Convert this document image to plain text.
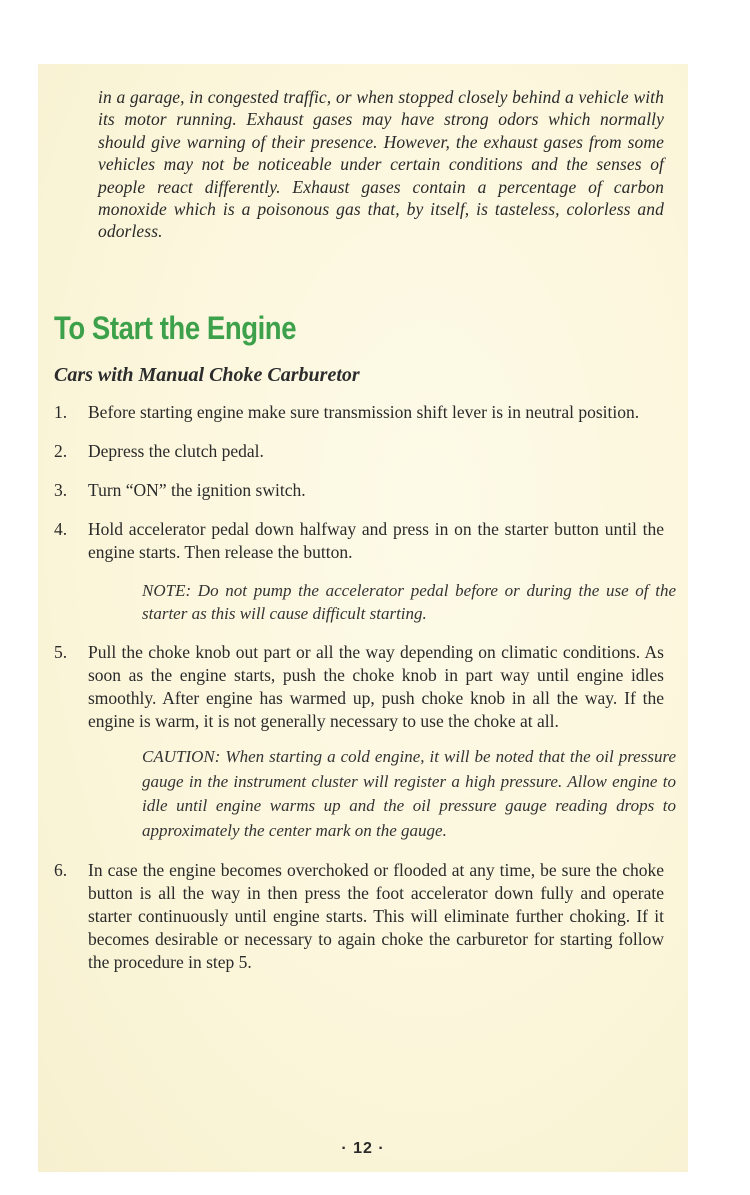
in a garage, in congested traffic, or when stopped closely behind a vehicle with its motor running. Exhaust gases may have strong odors which normally should give warning of their presence. However, the exhaust gases from some vehicles may not be noticeable under certain conditions and the senses of people react differently. Exhaust gases contain a percentage of carbon monoxide which is a poisonous gas that, by itself, is tasteless, colorless and odorless.

To Start the Engine
Cars with Manual Choke Carburetor
1. Before starting engine make sure transmission shift lever is in neutral position.
2. Depress the clutch pedal.
3. Turn “ON” the ignition switch.
4. Hold accelerator pedal down halfway and press in on the starter button until the engine starts. Then release the button.
NOTE: Do not pump the accelerator pedal before or during the use of the starter as this will cause difficult starting.
5. Pull the choke knob out part or all the way depending on climatic conditions. As soon as the engine starts, push the choke knob in part way until engine idles smoothly. After engine has warmed up, push choke knob in all the way. If the engine is warm, it is not generally necessary to use the choke at all.
CAUTION: When starting a cold engine, it will be noted that the oil pressure gauge in the instrument cluster will register a high pressure. Allow engine to idle until engine warms up and the oil pressure gauge reading drops to approximately the center mark on the gauge.
6. In case the engine becomes overchoked or flooded at any time, be sure the choke button is all the way in then press the foot accelerator down fully and operate starter continuously until engine starts. This will eliminate further choking. If it becomes desirable or necessary to again choke the carburetor for starting follow the procedure in step 5.
· 12 ·
